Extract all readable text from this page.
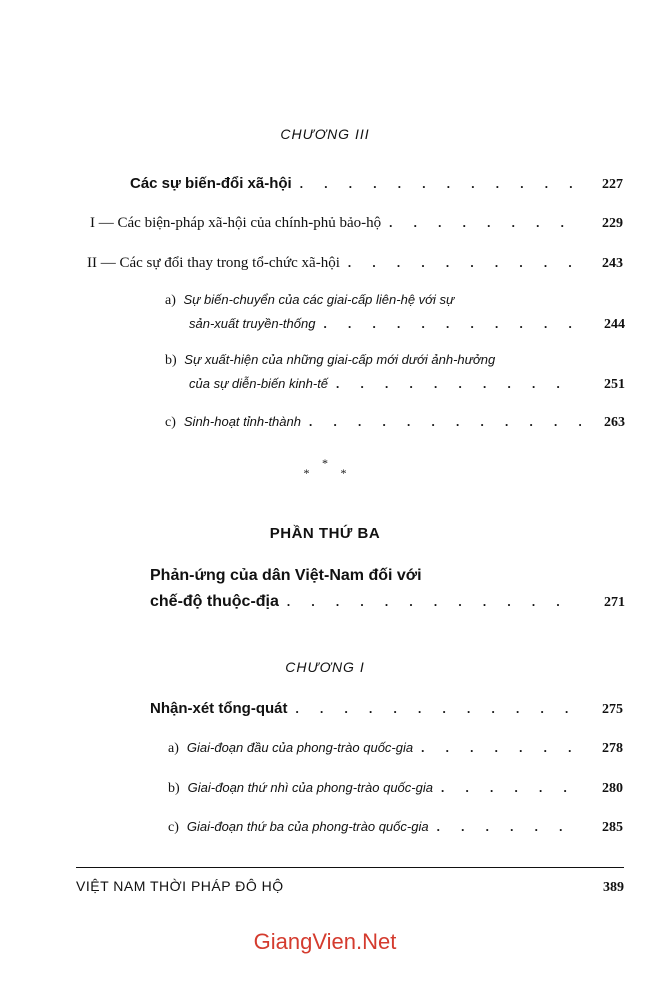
CHƯƠNG III
Các sự biến-đổi xã-hội . . .	227
I — Các biện-pháp xã-hội của chính-phủ bảo-hộ . . .	229
II — Các sự đổi thay trong tổ-chức xã-hội . . .	243
a) Sự biến-chuyển của các giai-cấp liên-hệ với sự
sản-xuất truyền-thống . . .	244
b) Sự xuất-hiện của những giai-cấp mới dưới ảnh-hưởng
của sự diễn-biến kinh-tế . . .	251
c) Sinh-hoạt tỉnh-thành . . .	263
*
* *
PHẦN THỨ BA
Phản-ứng của dân Việt-Nam đối với
chế-độ thuộc-địa . . .	271
CHƯƠNG I
Nhận-xét tổng-quát . . .	275
a) Giai-đoạn đầu của phong-trào quốc-gia . . .	278
b) Giai-đoạn thứ nhì của phong-trào quốc-gia . . .	280
c) Giai-đoạn thứ ba của phong-trào quốc-gia . . .	285
VIỆT NAM THỜI PHÁP ĐÔ HỘ	389
GiangVien.Net
